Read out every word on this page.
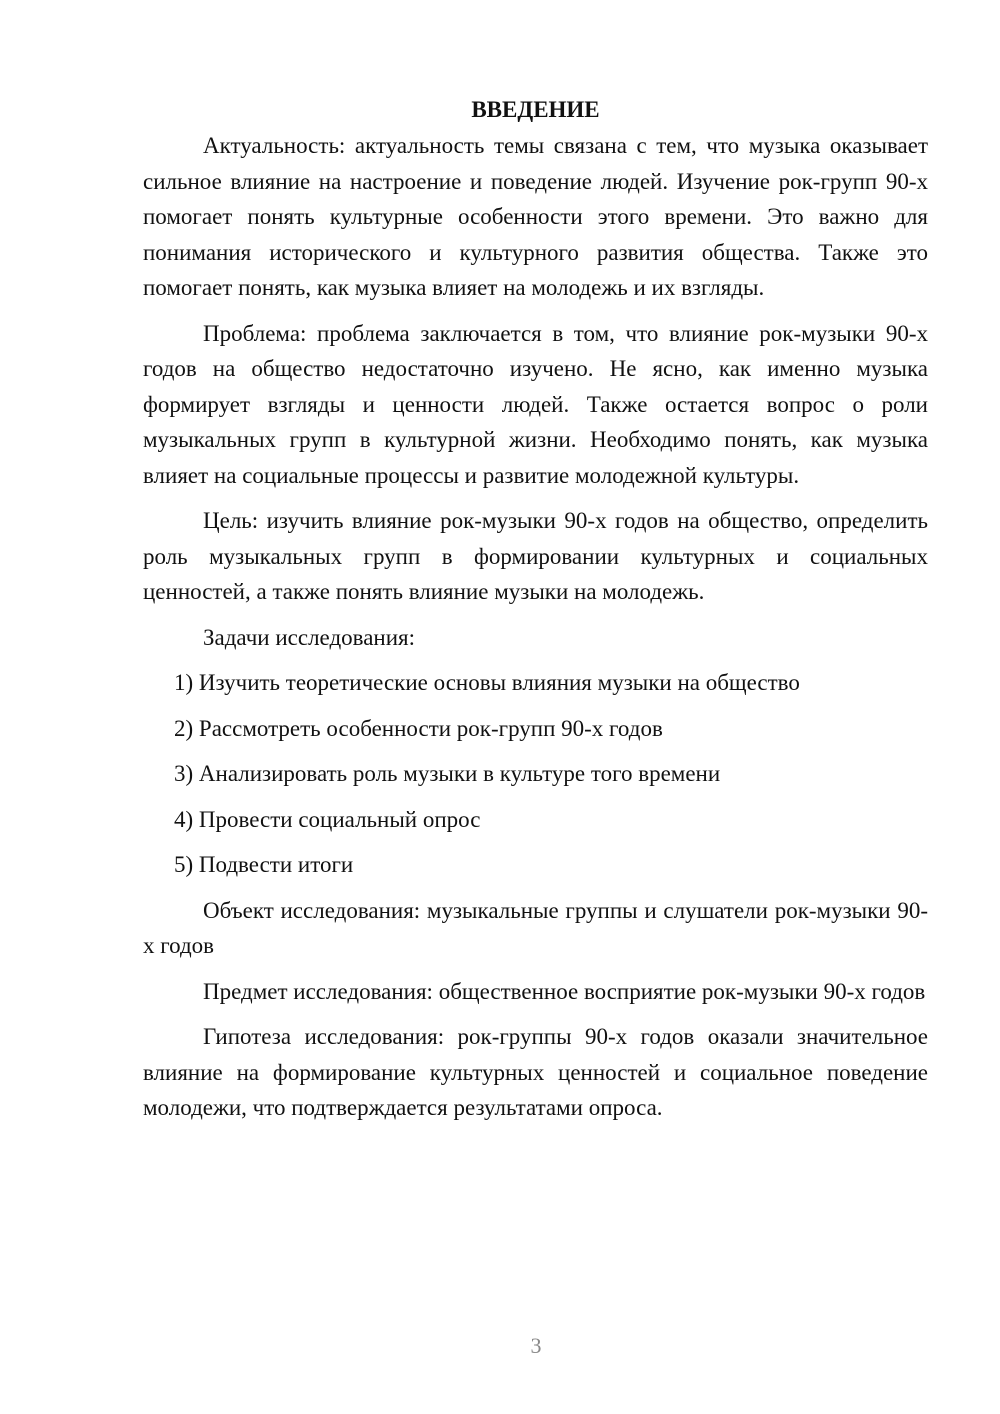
ВВЕДЕНИЕ

Актуальность: актуальность темы связана с тем, что музыка оказывает сильное влияние на настроение и поведение людей. Изучение рок-групп 90-х помогает понять культурные особенности этого времени. Это важно для понимания исторического и культурного развития общества. Также это помогает понять, как музыка влияет на молодежь и их взгляды.

Проблема: проблема заключается в том, что влияние рок-музыки 90-х годов на общество недостаточно изучено. Не ясно, как именно музыка формирует взгляды и ценности людей. Также остается вопрос о роли музыкальных групп в культурной жизни. Необходимо понять, как музыка влияет на социальные процессы и развитие молодежной культуры.

Цель: изучить влияние рок-музыки 90-х годов на общество, определить роль музыкальных групп в формировании культурных и социальных ценностей, а также понять влияние музыки на молодежь.

Задачи исследования:

1) Изучить теоретические основы влияния музыки на общество

2) Рассмотреть особенности рок-групп 90-х годов

3) Анализировать роль музыки в культуре того времени

4) Провести социальный опрос

5) Подвести итоги

Объект исследования: музыкальные группы и слушатели рок-музыки 90-х годов

Предмет исследования: общественное восприятие рок-музыки 90-х годов

Гипотеза исследования: рок-группы 90-х годов оказали значительное влияние на формирование культурных ценностей и социальное поведение молодежи, что подтверждается результатами опроса.

3
